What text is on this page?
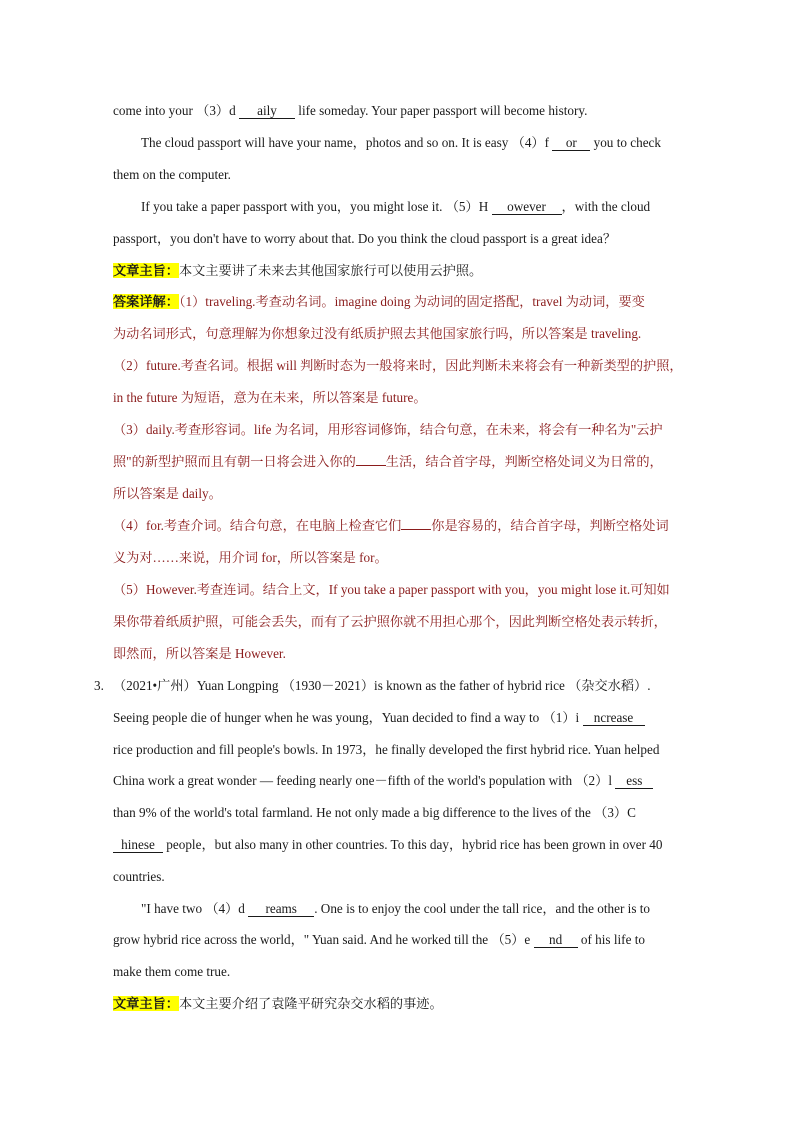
come into your （3）d aily life someday. Your paper passport will become history.
The cloud passport will have your name，photos and so on. It is easy （4）f or you to check
them on the computer.
If you take a paper passport with you，you might lose it. （5）H owever ，with the cloud
passport，you don't have to worry about that. Do you think the cloud passport is a great idea？
文章主旨：本文主要讲了未来去其他国家旅行可以使用云护照。
答案详解：（1）traveling.考查动名词。imagine doing 为动词的固定搭配，travel 为动词，要变
为动名词形式，句意理解为你想象过没有纸质护照去其他国家旅行吗，所以答案是 traveling.
（2）future.考查名词。根据 will 判断时态为一般将来时，因此判断未来将会有一种新类型的护照，
in the future 为短语，意为在未来，所以答案是 future。
（3）daily.考查形容词。life 为名词，用形容词修饰，结合句意，在未来，将会有一种名为"云护
照"的新型护照而且有朝一日将会进入你的 生活，结合首字母，判断空格处词义为日常的，
所以答案是 daily。
（4）for.考查介词。结合句意，在电脑上检查它们 你是容易的，结合首字母，判断空格处词
义为对……来说，用介词 for，所以答案是 for。
（5）However.考查连词。结合上文，If you take a paper passport with you，you might lose it.可知如
果你带着纸质护照，可能会丢失，而有了云护照你就不用担心那个，因此判断空格处表示转折，
即然而，所以答案是 However.
3. （2021•广州）Yuan Longping （1930－2021）is known as the father of hybrid rice （杂交水稻）.
Seeing people die of hunger when he was young，Yuan decided to find a way to （1）i ncrease
rice production and fill people's bowls. In 1973，he finally developed the first hybrid rice. Yuan helped
China work a great wonder — feeding nearly one－fifth of the world's population with （2）l ess
than 9% of the world's total farmland. He not only made a big difference to the lives of the （3）C
hinese people，but also many in other countries. To this day，hybrid rice has been grown in over 40
countries.
"I have two （4）d reams . One is to enjoy the cool under the tall rice，and the other is to
grow hybrid rice across the world，" Yuan said. And he worked till the （5）e nd of his life to
make them come true.
文章主旨：本文主要介绍了袁隆平研究杂交水稻的事迹。
